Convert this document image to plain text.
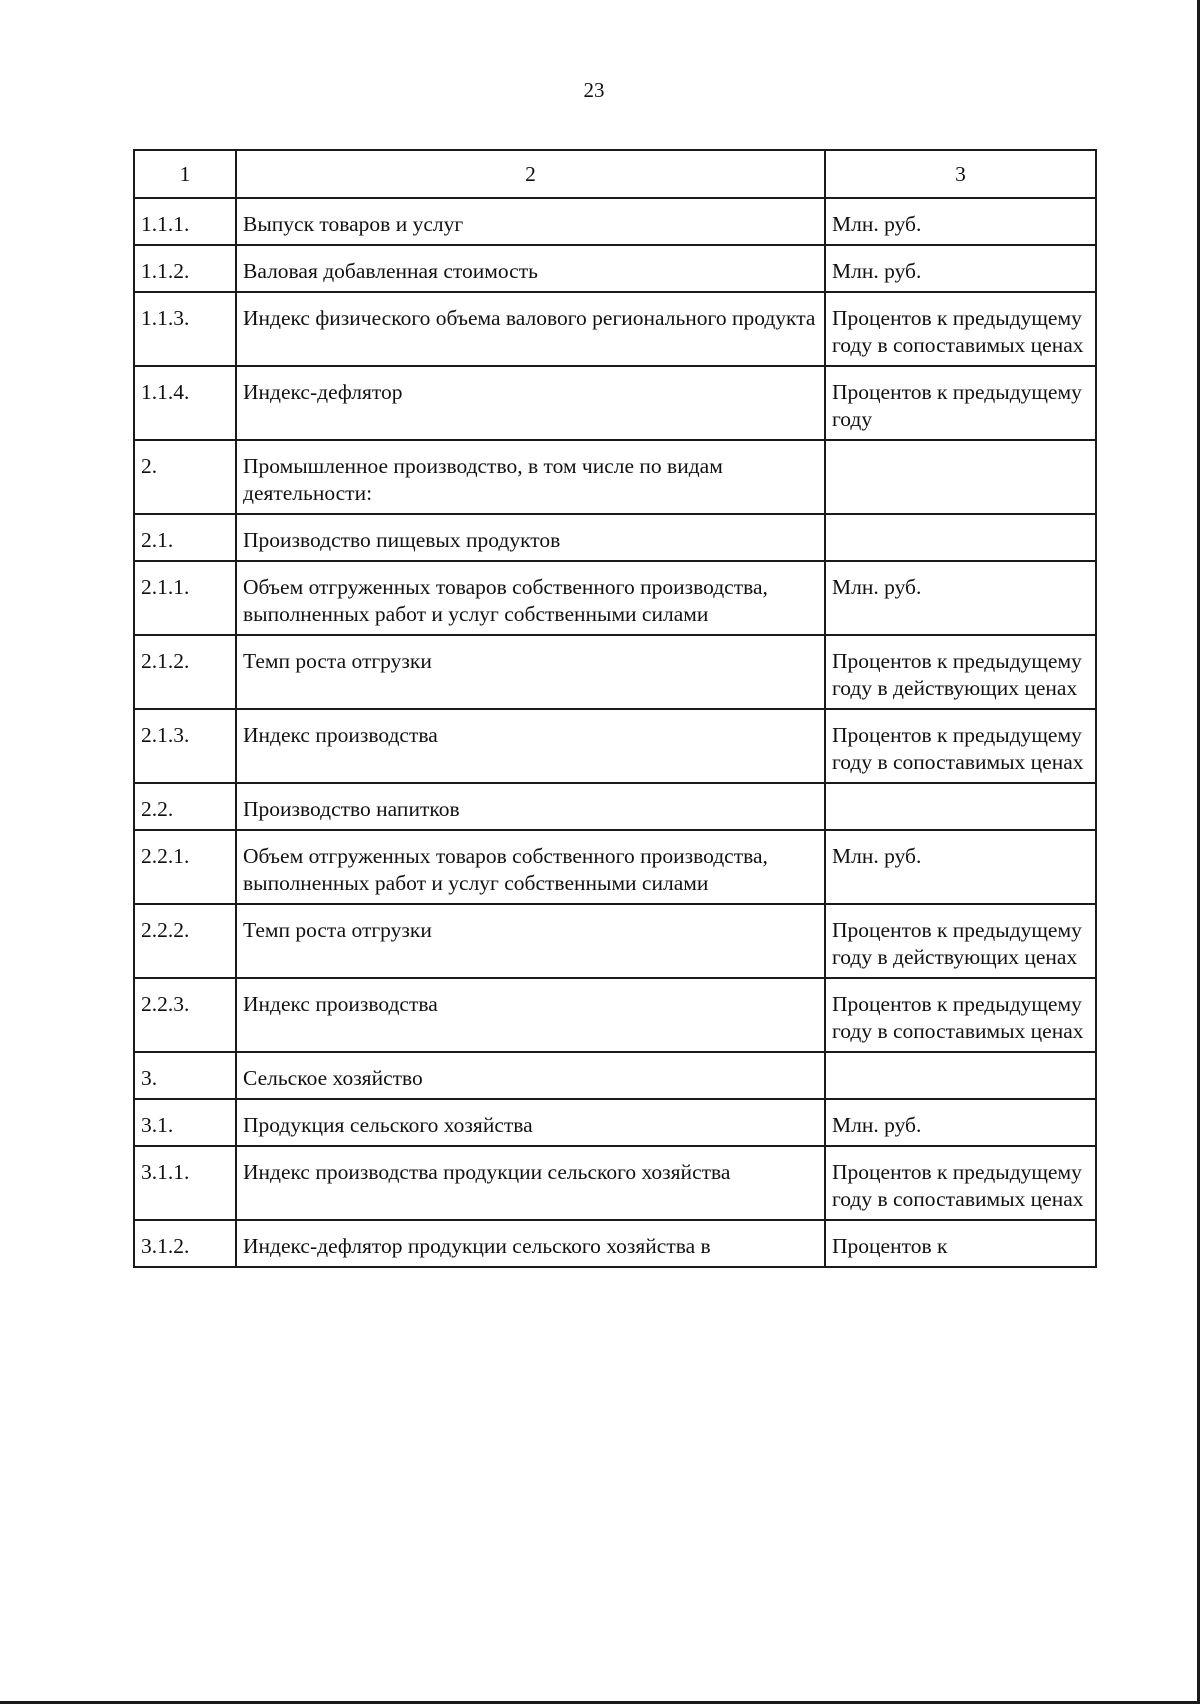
23
1	2	3
1.1.1.	Выпуск товаров и услуг	Млн. руб.
1.1.2.	Валовая добавленная стоимость	Млн. руб.
1.1.3.	Индекс физического объема валового регионального продукта	Процентов к предыдущему году в сопоставимых ценах
1.1.4.	Индекс-дефлятор	Процентов к предыдущему году
2.	Промышленное производство, в том числе по видам деятельности:	
2.1.	Производство пищевых продуктов	
2.1.1.	Объем отгруженных товаров собственного производства, выполненных работ и услуг собственными силами	Млн. руб.
2.1.2.	Темп роста отгрузки	Процентов к предыдущему году в действующих ценах
2.1.3.	Индекс производства	Процентов к предыдущему году в сопоставимых ценах
2.2.	Производство напитков	
2.2.1.	Объем отгруженных товаров собственного производства, выполненных работ и услуг собственными силами	Млн. руб.
2.2.2.	Темп роста отгрузки	Процентов к предыдущему году в действующих ценах
2.2.3.	Индекс производства	Процентов к предыдущему году в сопоставимых ценах
3.	Сельское хозяйство	
3.1.	Продукция сельского хозяйства	Млн. руб.
3.1.1.	Индекс производства продукции сельского хозяйства	Процентов к предыдущему году в сопоставимых ценах
3.1.2.	Индекс-дефлятор продукции сельского хозяйства в	Процентов к
